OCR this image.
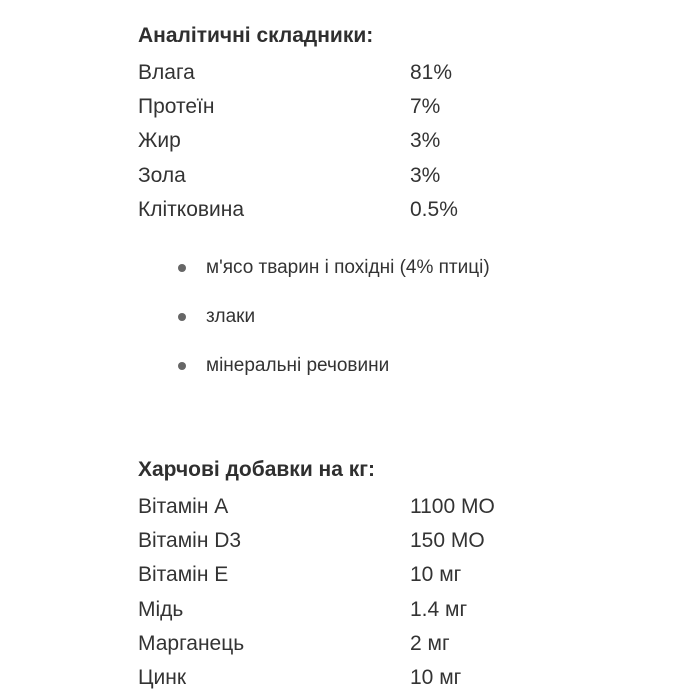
Аналітичні складники:
Влага	81%
Протеїн	7%
Жир	3%
Зола	3%
Клітковина	0.5%
м'ясо тварин і похідні (4% птиці)
злаки
мінеральні речовини
Харчові добавки на кг:
Вітамін А	1100 МО
Вітамін D3	150 МО
Вітамін Е	10 мг
Мідь	1.4 мг
Марганець	2 мг
Цинк	10 мг
